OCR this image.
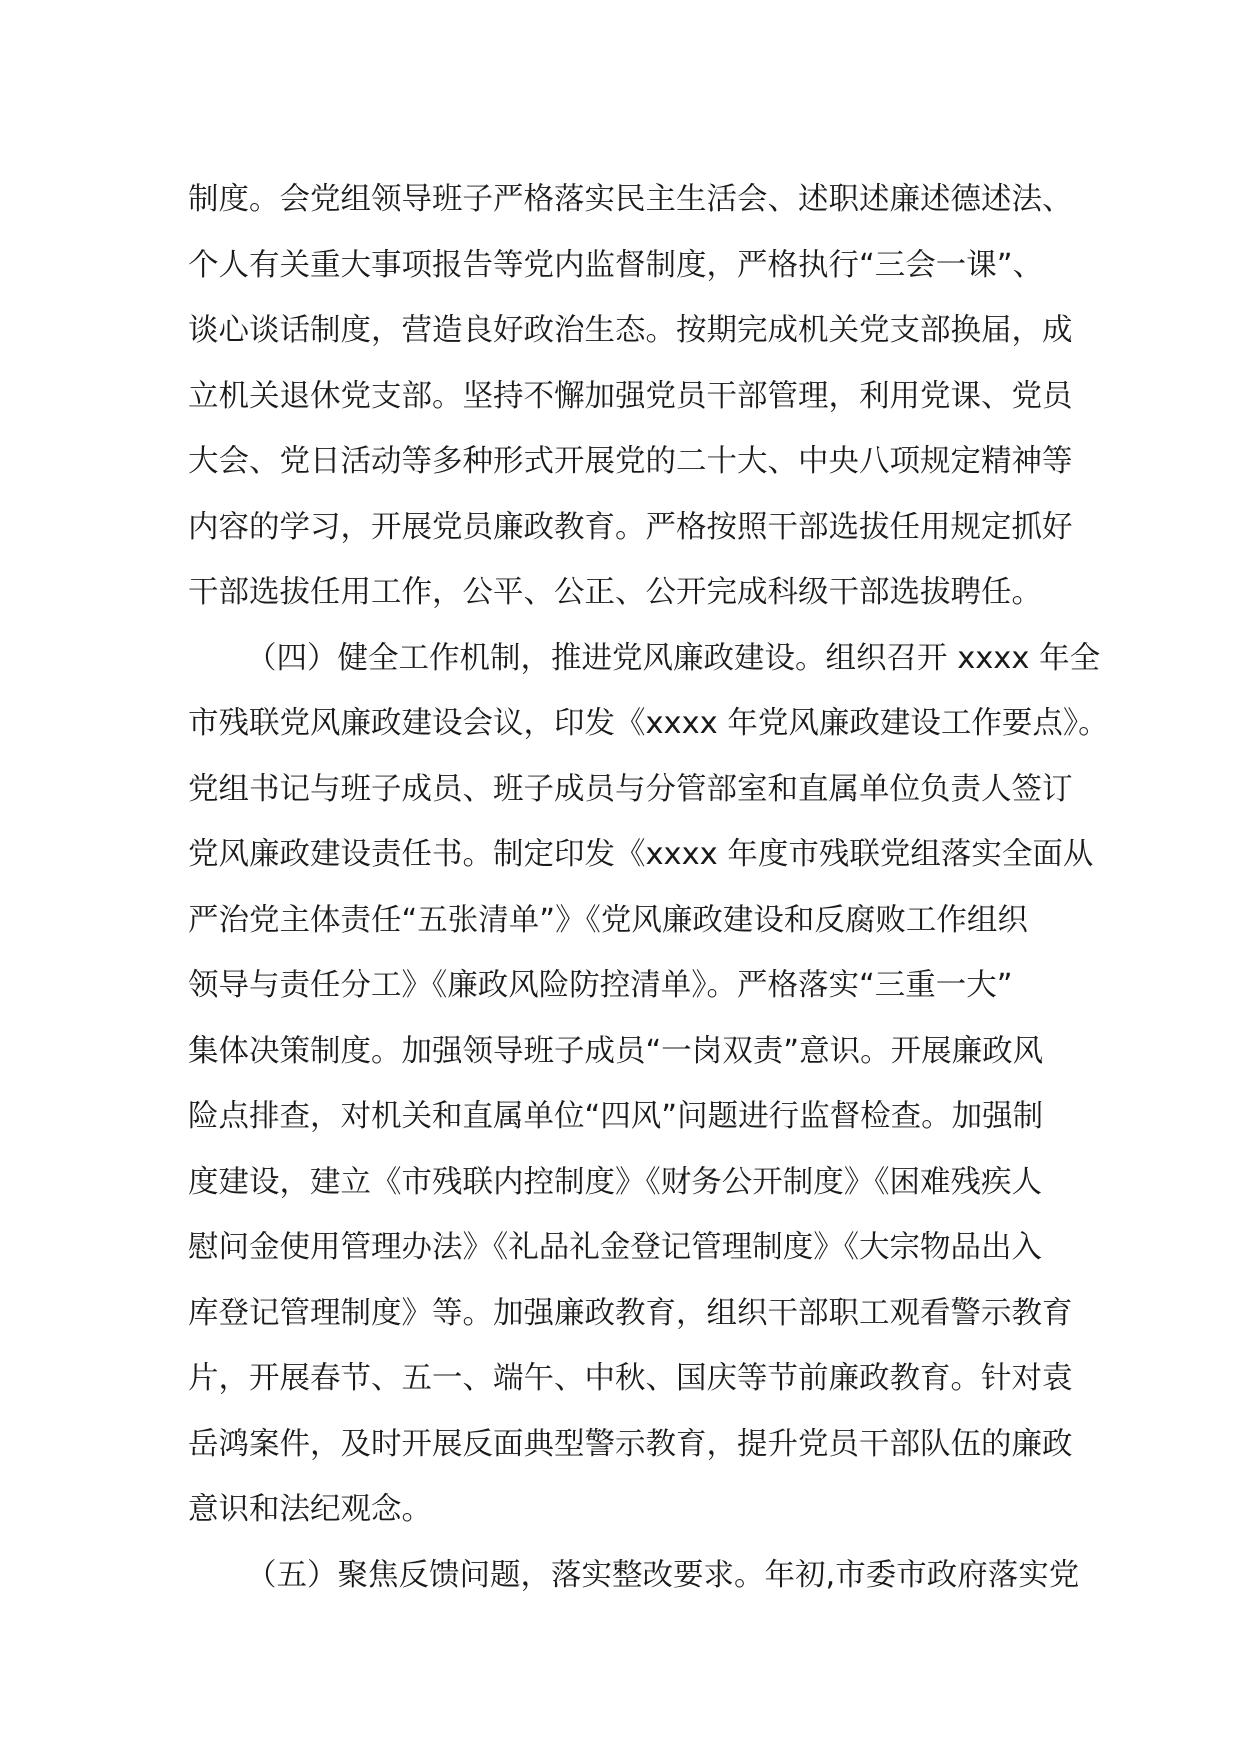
制度。会党组领导班子严格落实民主生活会、述职述廉述德述法、
个人有关重大事项报告等党内监督制度，严格执行“三会一课”、
谈心谈话制度，营造良好政治生态。按期完成机关党支部换届，成
立机关退休党支部。坚持不懈加强党员干部管理，利用党课、党员
大会、党日活动等多种形式开展党的二十大、中央八项规定精神等
内容的学习，开展党员廉政教育。严格按照干部选拔任用规定抓好
干部选拔任用工作，公平、公正、公开完成科级干部选拔聘任。
（四）健全工作机制，推进党风廉政建设。组织召开 xxxx 年全
市残联党风廉政建设会议，印发《xxxx 年党风廉政建设工作要点》。
党组书记与班子成员、班子成员与分管部室和直属单位负责人签订
党风廉政建设责任书。制定印发《xxxx 年度市残联党组落实全面从
严治党主体责任“五张清单”》《党风廉政建设和反腐败工作组织
领导与责任分工》《廉政风险防控清单》。严格落实“三重一大”
集体决策制度。加强领导班子成员“一岗双责”意识。开展廉政风
险点排查，对机关和直属单位“四风”问题进行监督检查。加强制
度建设，建立《市残联内控制度》《财务公开制度》《困难残疾人
慰问金使用管理办法》《礼品礼金登记管理制度》《大宗物品出入
库登记管理制度》等。加强廉政教育，组织干部职工观看警示教育
片，开展春节、五一、端午、中秋、国庆等节前廉政教育。针对袁
岳鸿案件，及时开展反面典型警示教育，提升党员干部队伍的廉政
意识和法纪观念。
（五）聚焦反馈问题，落实整改要求。年初,市委市政府落实党
